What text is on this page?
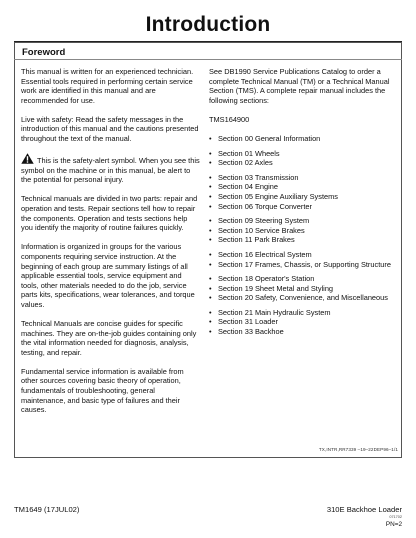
Introduction
Foreword

This manual is written for an experienced technician. Essential tools required in performing certain service work are identified in this manual and are recommended for use.

Live with safety: Read the safety messages in the introduction of this manual and the cautions presented throughout the text of the manual.

This is the safety-alert symbol. When you see this symbol on the machine or in this manual, be alert to the potential for personal injury.

Technical manuals are divided in two parts: repair and operation and tests. Repair sections tell how to repair the components. Operation and tests sections help you identify the majority of routine failures quickly.

Information is organized in groups for the various components requiring service instruction. At the beginning of each group are summary listings of all applicable essential tools, service equipment and tools, other materials needed to do the job, service parts kits, specifications, wear tolerances, and torque values.

Technical Manuals are concise guides for specific machines. They are on-the-job guides containing only the vital information needed for diagnosis, analysis, testing, and repair.

Fundamental service information is available from other sources covering basic theory of operation, fundamentals of troubleshooting, general maintenance, and basic type of failures and their causes.

See DB1990 Service Publications Catalog to order a complete Technical Manual (TM) or a Technical Manual Section (TMS). A complete repair manual includes the following sections:
TMS164900
• Section 00 General Information
• Section 01 Wheels
• Section 02 Axles
• Section 03 Transmission
• Section 04 Engine
• Section 05 Engine Auxiliary Systems
• Section 06 Torque Converter
• Section 09 Steering System
• Section 10 Service Brakes
• Section 11 Park Brakes
• Section 16 Electrical System
• Section 17 Frames, Chassis, or Supporting Structure
• Section 18 Operator's Station
• Section 19 Sheet Metal and Styling
• Section 20 Safety, Convenience, and Miscellaneous
• Section 21 Main Hydraulic System
• Section 31 Loader
• Section 33 Backhoe
TX,INTR,RR7339 –19–22DEP96–1/1
TM1649 (17JUL02)	310E Backhoe Loader
071702
PN=2
